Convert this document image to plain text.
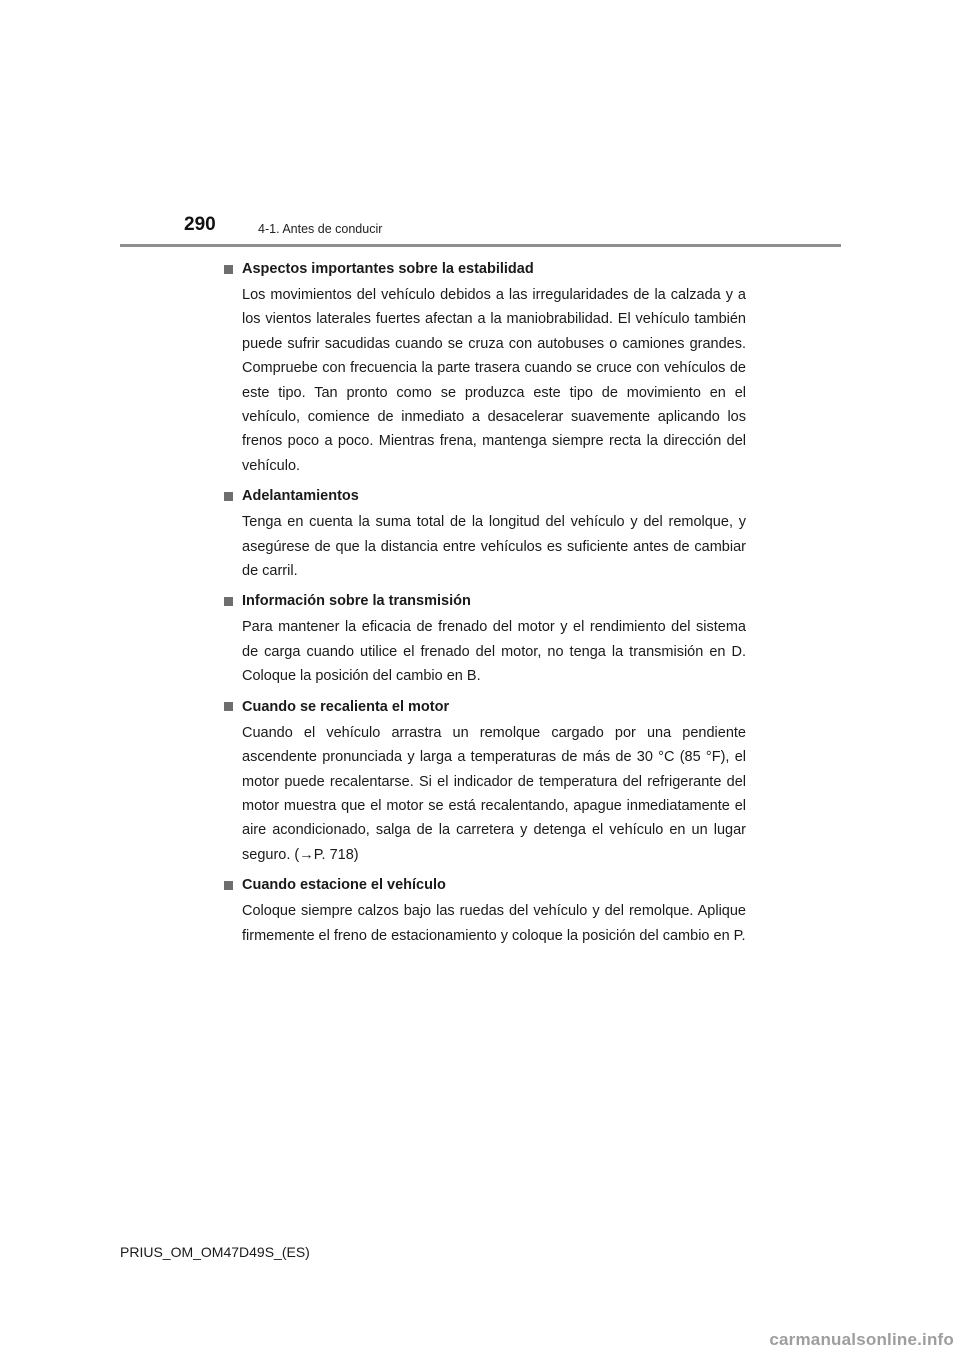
290	4-1. Antes de conducir
Aspectos importantes sobre la estabilidad

Los movimientos del vehículo debidos a las irregularidades de la calzada y a los vientos laterales fuertes afectan a la maniobrabilidad. El vehículo también puede sufrir sacudidas cuando se cruza con autobuses o camiones grandes. Compruebe con frecuencia la parte trasera cuando se cruce con vehículos de este tipo. Tan pronto como se produzca este tipo de movimiento en el vehículo, comience de inmediato a desacelerar suavemente aplicando los frenos poco a poco. Mientras frena, mantenga siempre recta la dirección del vehículo.

Adelantamientos

Tenga en cuenta la suma total de la longitud del vehículo y del remolque, y asegúrese de que la distancia entre vehículos es suficiente antes de cambiar de carril.

Información sobre la transmisión

Para mantener la eficacia de frenado del motor y el rendimiento del sistema de carga cuando utilice el frenado del motor, no tenga la transmisión en D. Coloque la posición del cambio en B.

Cuando se recalienta el motor

Cuando el vehículo arrastra un remolque cargado por una pendiente ascendente pronunciada y larga a temperaturas de más de 30 °C (85 °F), el motor puede recalentarse. Si el indicador de temperatura del refrigerante del motor muestra que el motor se está recalentando, apague inmediatamente el aire acondicionado, salga de la carretera y detenga el vehículo en un lugar seguro. (→P. 718)

Cuando estacione el vehículo

Coloque siempre calzos bajo las ruedas del vehículo y del remolque. Aplique firmemente el freno de estacionamiento y coloque la posición del cambio en P.

PRIUS_OM_OM47D49S_(ES)
carmanualsonline.info
